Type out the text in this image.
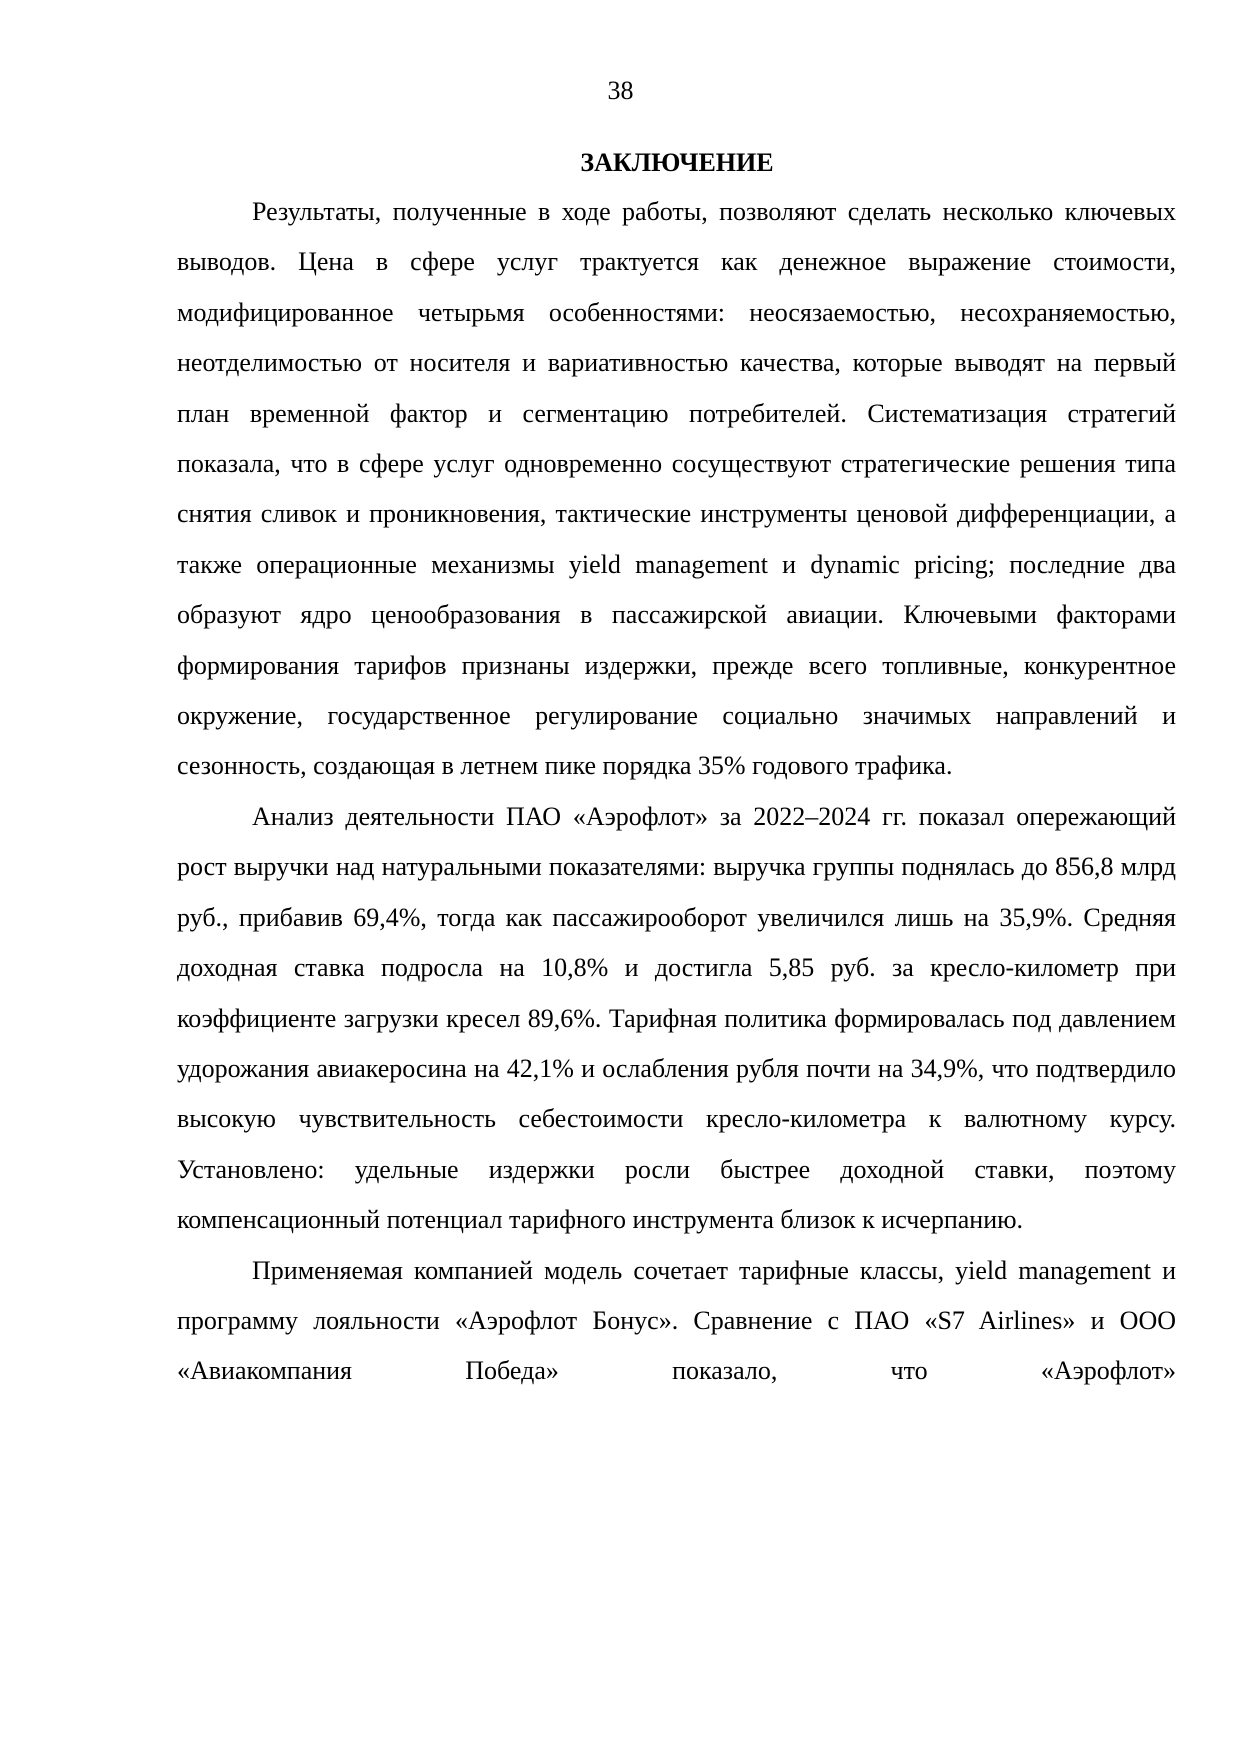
38
ЗАКЛЮЧЕНИЕ

Результаты, полученные в ходе работы, позволяют сделать несколько ключевых выводов. Цена в сфере услуг трактуется как денежное выражение стоимости, модифицированное четырьмя особенностями: неосязаемостью, несохраняемостью, неотделимостью от носителя и вариативностью качества, которые выводят на первый план временной фактор и сегментацию потребителей. Систематизация стратегий показала, что в сфере услуг одновременно сосуществуют стратегические решения типа снятия сливок и проникновения, тактические инструменты ценовой дифференциации, а также операционные механизмы yield management и dynamic pricing; последние два образуют ядро ценообразования в пассажирской авиации. Ключевыми факторами формирования тарифов признаны издержки, прежде всего топливные, конкурентное окружение, государственное регулирование социально значимых направлений и сезонность, создающая в летнем пике порядка 35% годового трафика.

Анализ деятельности ПАО «Аэрофлот» за 2022–2024 гг. показал опережающий рост выручки над натуральными показателями: выручка группы поднялась до 856,8 млрд руб., прибавив 69,4%, тогда как пассажирооборот увеличился лишь на 35,9%. Средняя доходная ставка подросла на 10,8% и достигла 5,85 руб. за кресло-километр при коэффициенте загрузки кресел 89,6%. Тарифная политика формировалась под давлением удорожания авиакеросина на 42,1% и ослабления рубля почти на 34,9%, что подтвердило высокую чувствительность себестоимости кресло-километра к валютному курсу. Установлено: удельные издержки росли быстрее доходной ставки, поэтому компенсационный потенциал тарифного инструмента близок к исчерпанию.

Применяемая компанией модель сочетает тарифные классы, yield management и программу лояльности «Аэрофлот Бонус». Сравнение с ПАО «S7 Airlines» и ООО «Авиакомпания Победа» показало, что «Аэрофлот»
